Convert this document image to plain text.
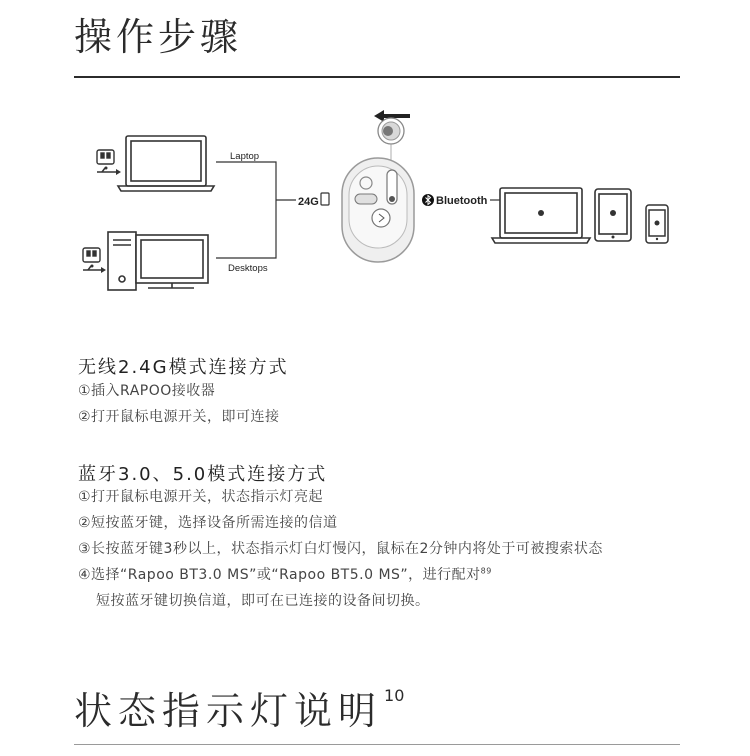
操作步骤
Laptop
Desktops
24G	Bluetooth

无线2.4G模式连接方式

①插入RAPOO接收器

②打开鼠标电源开关，即可连接

蓝牙3.0、5.0模式连接方式

①打开鼠标电源开关，状态指示灯亮起

②短按蓝牙键，选择设备所需连接的信道

③长按蓝牙键3秒以上，状态指示灯白灯慢闪，鼠标在2分钟内将处于可被搜索状态

④选择“Rapoo BT3.0 MS”或“Rapoo BT5.0 MS”，进行配对$^{89}$

短按蓝牙键切换信道，即可在已连接的设备间切换。

状态指示灯说明 $^{10}$
